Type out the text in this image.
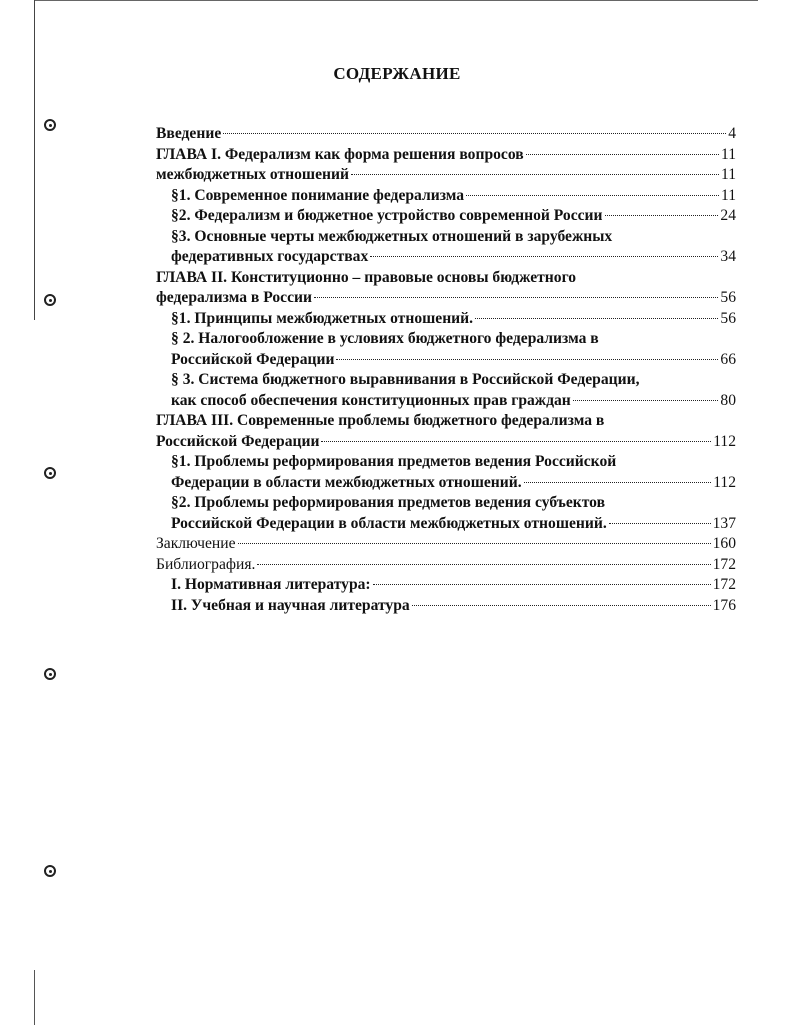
СОДЕРЖАНИЕ
Введение	4
ГЛАВА I. Федерализм как форма решения вопросов	11
межбюджетных отношений	11
§1. Современное понимание федерализма	11
§2. Федерализм и бюджетное устройство современной России	24
§3. Основные черты межбюджетных отношений в зарубежных
федеративных государствах	34
ГЛАВА II. Конституционно – правовые основы бюджетного
федерализма в России	56
§1. Принципы межбюджетных отношений.	56
§ 2. Налогообложение в условиях бюджетного федерализма в
Российской Федерации	66
§ 3. Система бюджетного выравнивания в Российской Федерации,
как способ обеспечения конституционных прав граждан	80
ГЛАВА III. Современные проблемы бюджетного федерализма в
Российской Федерации	112
§1. Проблемы реформирования предметов ведения Российской
Федерации в области межбюджетных отношений.	112
§2. Проблемы реформирования предметов ведения субъектов
Российской Федерации в области межбюджетных отношений.	137
Заключение	160
Библиография.	172
I. Нормативная литература:	172
II. Учебная и научная литература	176
